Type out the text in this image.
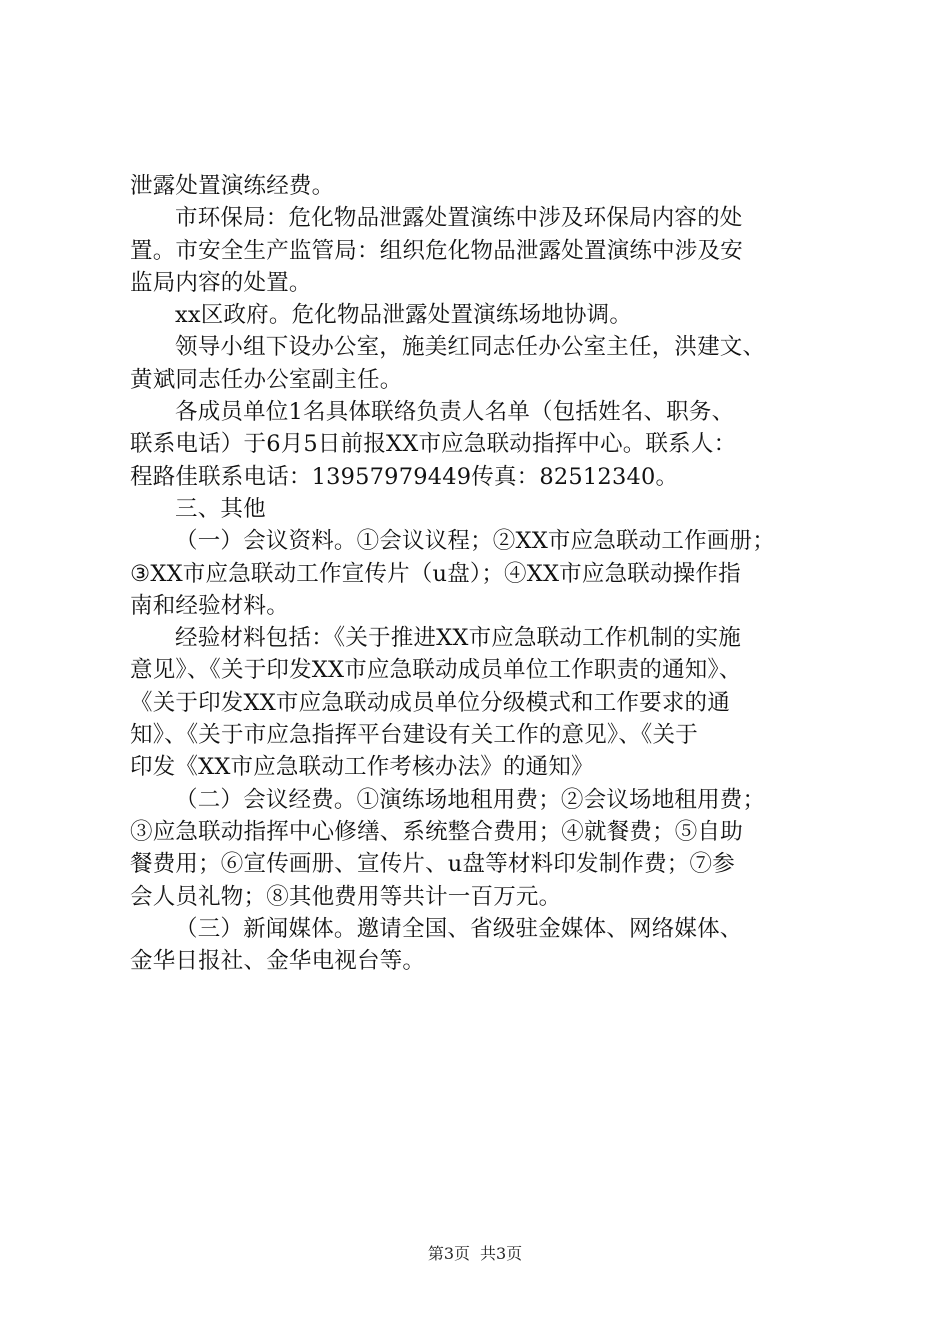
泄露处置演练经费。
市环保局：危化物品泄露处置演练中涉及环保局内容的处
置。市安全生产监管局：组织危化物品泄露处置演练中涉及安
监局内容的处置。
xx区政府。危化物品泄露处置演练场地协调。
领导小组下设办公室，施美红同志任办公室主任，洪建文、
黄斌同志任办公室副主任。
各成员单位1名具体联络负责人名单（包括姓名、职务、
联系电话）于6月5日前报XX市应急联动指挥中心。联系人：
程路佳联系电话：13957979449传真：82512340。
三、其他
（一）会议资料。①会议议程；②XX市应急联动工作画册；
③XX市应急联动工作宣传片（u盘）；④XX市应急联动操作指
南和经验材料。
经验材料包括：《关于推进XX市应急联动工作机制的实施
意见》、《关于印发XX市应急联动成员单位工作职责的通知》、
《关于印发XX市应急联动成员单位分级模式和工作要求的通
知》、《关于市应急指挥平台建设有关工作的意见》、《关于
印发《XX市应急联动工作考核办法》的通知》
（二）会议经费。①演练场地租用费；②会议场地租用费；
③应急联动指挥中心修缮、系统整合费用；④就餐费；⑤自助
餐费用；⑥宣传画册、宣传片、u盘等材料印发制作费；⑦参
会人员礼物；⑧其他费用等共计一百万元。
（三）新闻媒体。邀请全国、省级驻金媒体、网络媒体、
金华日报社、金华电视台等。
第3页 共3页
